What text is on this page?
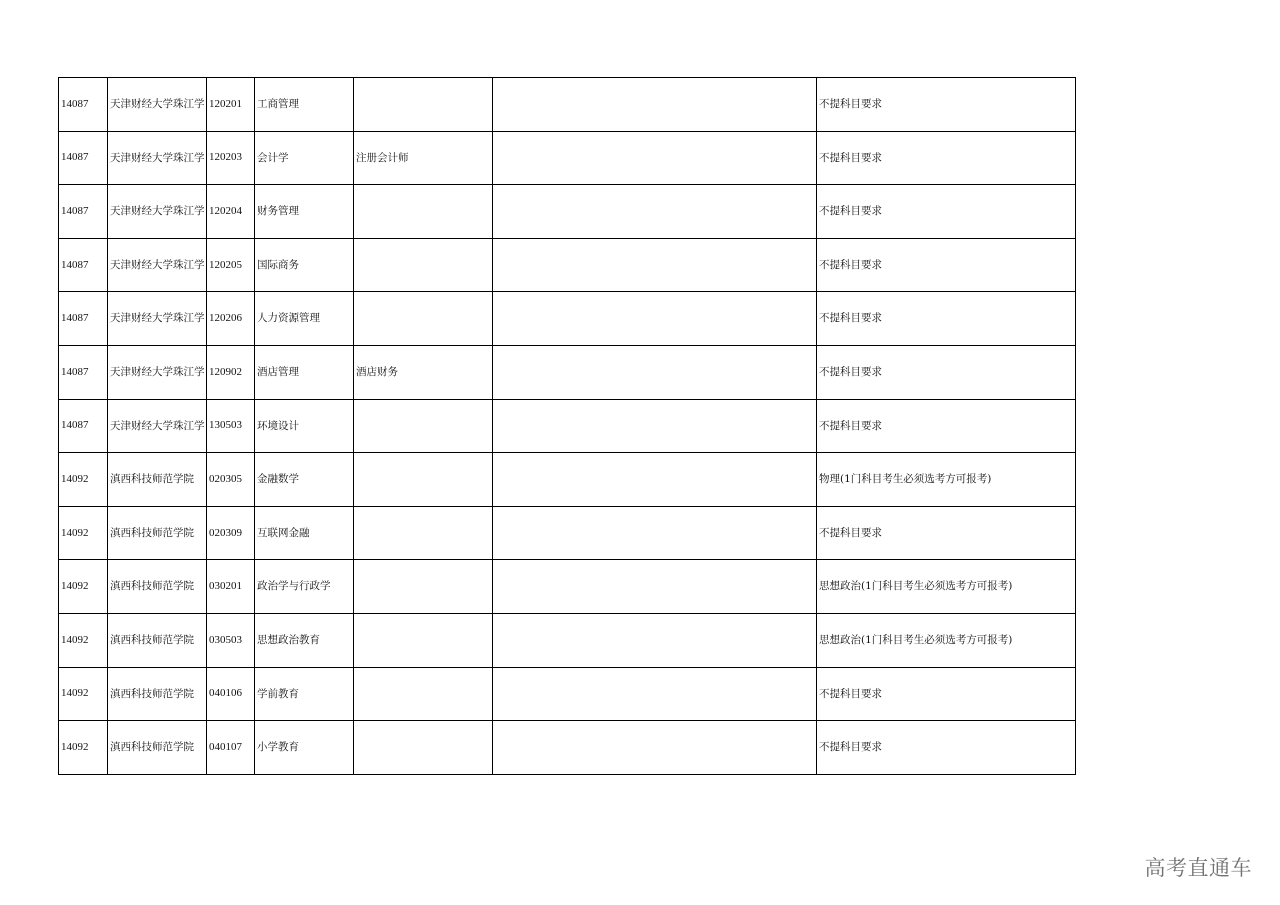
14087	天津财经大学珠江学	120201	工商管理			不提科目要求
14087	天津财经大学珠江学	120203	会计学	注册会计师		不提科目要求
14087	天津财经大学珠江学	120204	财务管理			不提科目要求
14087	天津财经大学珠江学	120205	国际商务			不提科目要求
14087	天津财经大学珠江学	120206	人力资源管理			不提科目要求
14087	天津财经大学珠江学	120902	酒店管理	酒店财务		不提科目要求
14087	天津财经大学珠江学	130503	环境设计			不提科目要求
14092	滇西科技师范学院	020305	金融数学			物理(1门科目考生必须选考方可报考)
14092	滇西科技师范学院	020309	互联网金融			不提科目要求
14092	滇西科技师范学院	030201	政治学与行政学			思想政治(1门科目考生必须选考方可报考)
14092	滇西科技师范学院	030503	思想政治教育			思想政治(1门科目考生必须选考方可报考)
14092	滇西科技师范学院	040106	学前教育			不提科目要求
14092	滇西科技师范学院	040107	小学教育			不提科目要求
高考直通车
